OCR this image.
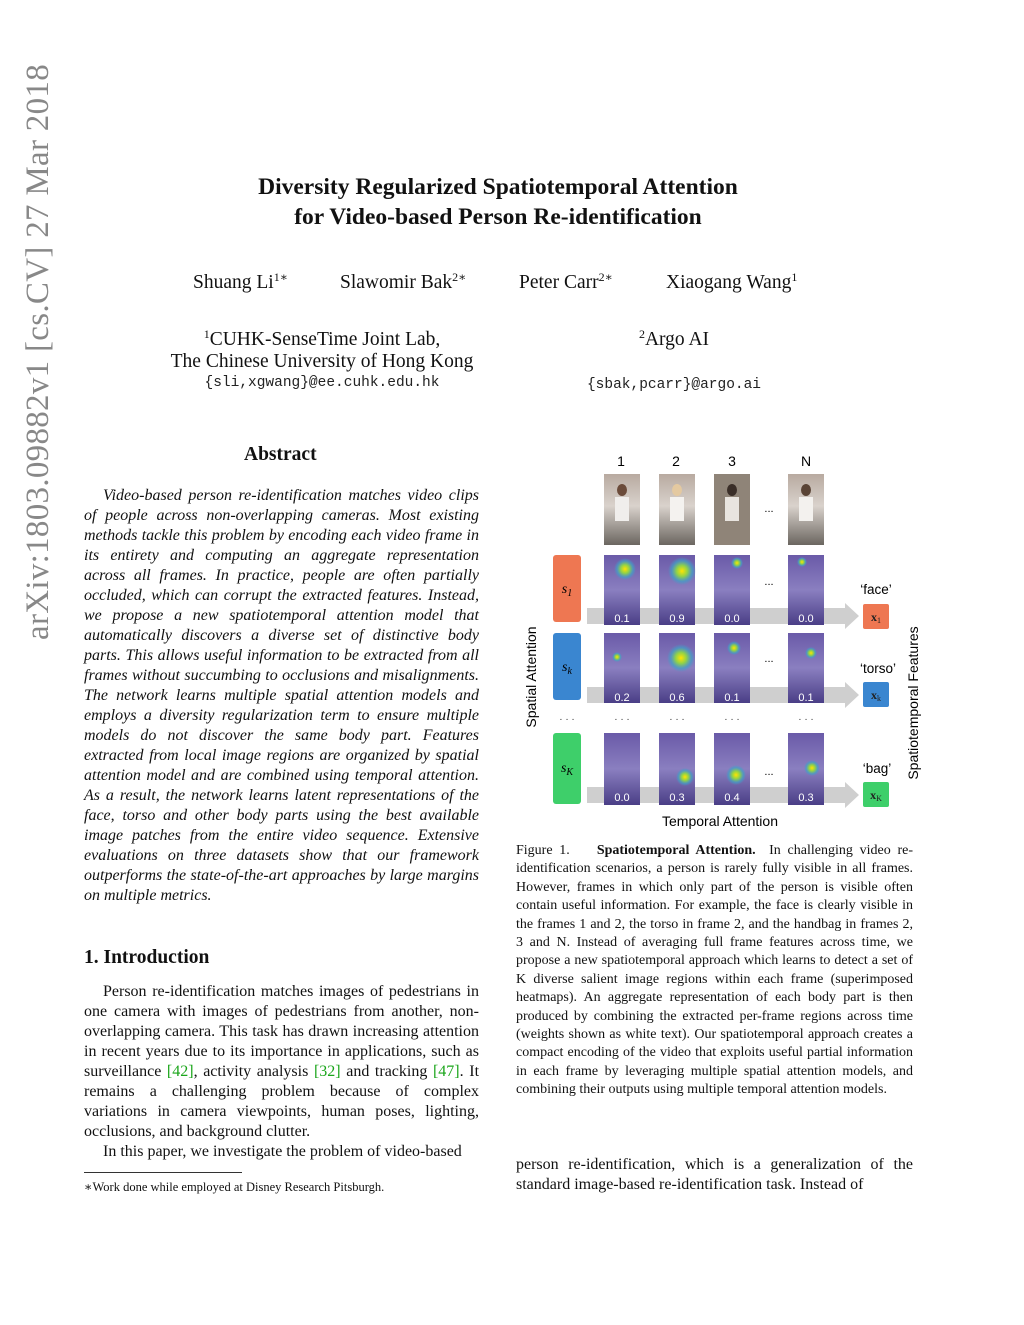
arXiv:1803.09882v1 [cs.CV] 27 Mar 2018	Diversity Regularized Spatiotemporal Attention
for Video-based Person Re-identification
Shuang $Li^{1∗}$	Slawomir Bak$^{2∗}$	Peter Carr$^{2∗}$	Xiaogang Wang$^1$
$^1$CUHK-SenseTime Joint Lab,
The Chinese University of Hong Kong
{sli,xgwang}@ee.cuhk.edu.hk
$^2$Argo AI
{sbak,pcarr}@argo.ai
Abstract

Video-based person re-identification matches video clips of people across non-overlapping cameras. Most existing methods tackle this problem by encoding each video frame in its entirety and computing an aggregate representation across all frames. In practice, people are often partially occluded, which can corrupt the extracted features. Instead, we propose a new spatiotemporal attention model that automatically discovers a diverse set of distinctive body parts. This allows useful information to be extracted from all frames without succumbing to occlusions and misalignments. The network learns multiple spatial attention models and employs a diversity regularization term to ensure multiple models do not discover the same body part. Features extracted from local image regions are organized by spatial attention model and are combined using temporal attention. As a result, the network learns latent representations of the face, torso and other body parts using the best available image patches from the entire video sequence. Extensive evaluations on three datasets show that our framework outperforms the state-of-the-art approaches by large margins on multiple metrics.

1. Introduction

Person re-identification matches images of pedestrians in one camera with images of pedestrians from another, non-overlapping camera. This task has drawn increasing attention in recent years due to its importance in applications, such as surveillance [42], activity analysis [32] and tracking [47]. It remains a challenging problem because of complex variations in camera viewpoints, human poses, lighting, occlusions, and background clutter.

In this paper, we investigate the problem of video-based

∗Work done while employed at Disney Research Pitsburgh.
1	2	3	N
...
$s_1$
$s_k$
$s_K$
...
0.1	0.9	0.0	0.0
...
0.2	0.6	0.1	0.1
· · ·	· · ·	· · ·	· · ·	· · ·
...
0.0	0.3	0.4	0.3
‘face’
x1
‘torso’
xk
‘bag’
xK
Spatial Attention
Temporal Attention
Spatiotemporal Features
Figure 1. Spatiotemporal Attention. In challenging video re-identification scenarios, a person is rarely fully visible in all frames. However, frames in which only part of the person is visible often contain useful information. For example, the face is clearly visible in the frames 1 and 2, the torso in frame 2, and the handbag in frames 2, 3 and N. Instead of averaging full frame features across time, we propose a new spatiotemporal approach which learns to detect a set of K diverse salient image regions within each frame (superimposed heatmaps). An aggregate representation of each body part is then produced by combining the extracted per-frame regions across time (weights shown as white text). Our spatiotemporal approach creates a compact encoding of the video that exploits useful partial information in each frame by leveraging multiple spatial attention models, and combining their outputs using multiple temporal attention models.

person re-identification, which is a generalization of the standard image-based re-identification task. Instead of
